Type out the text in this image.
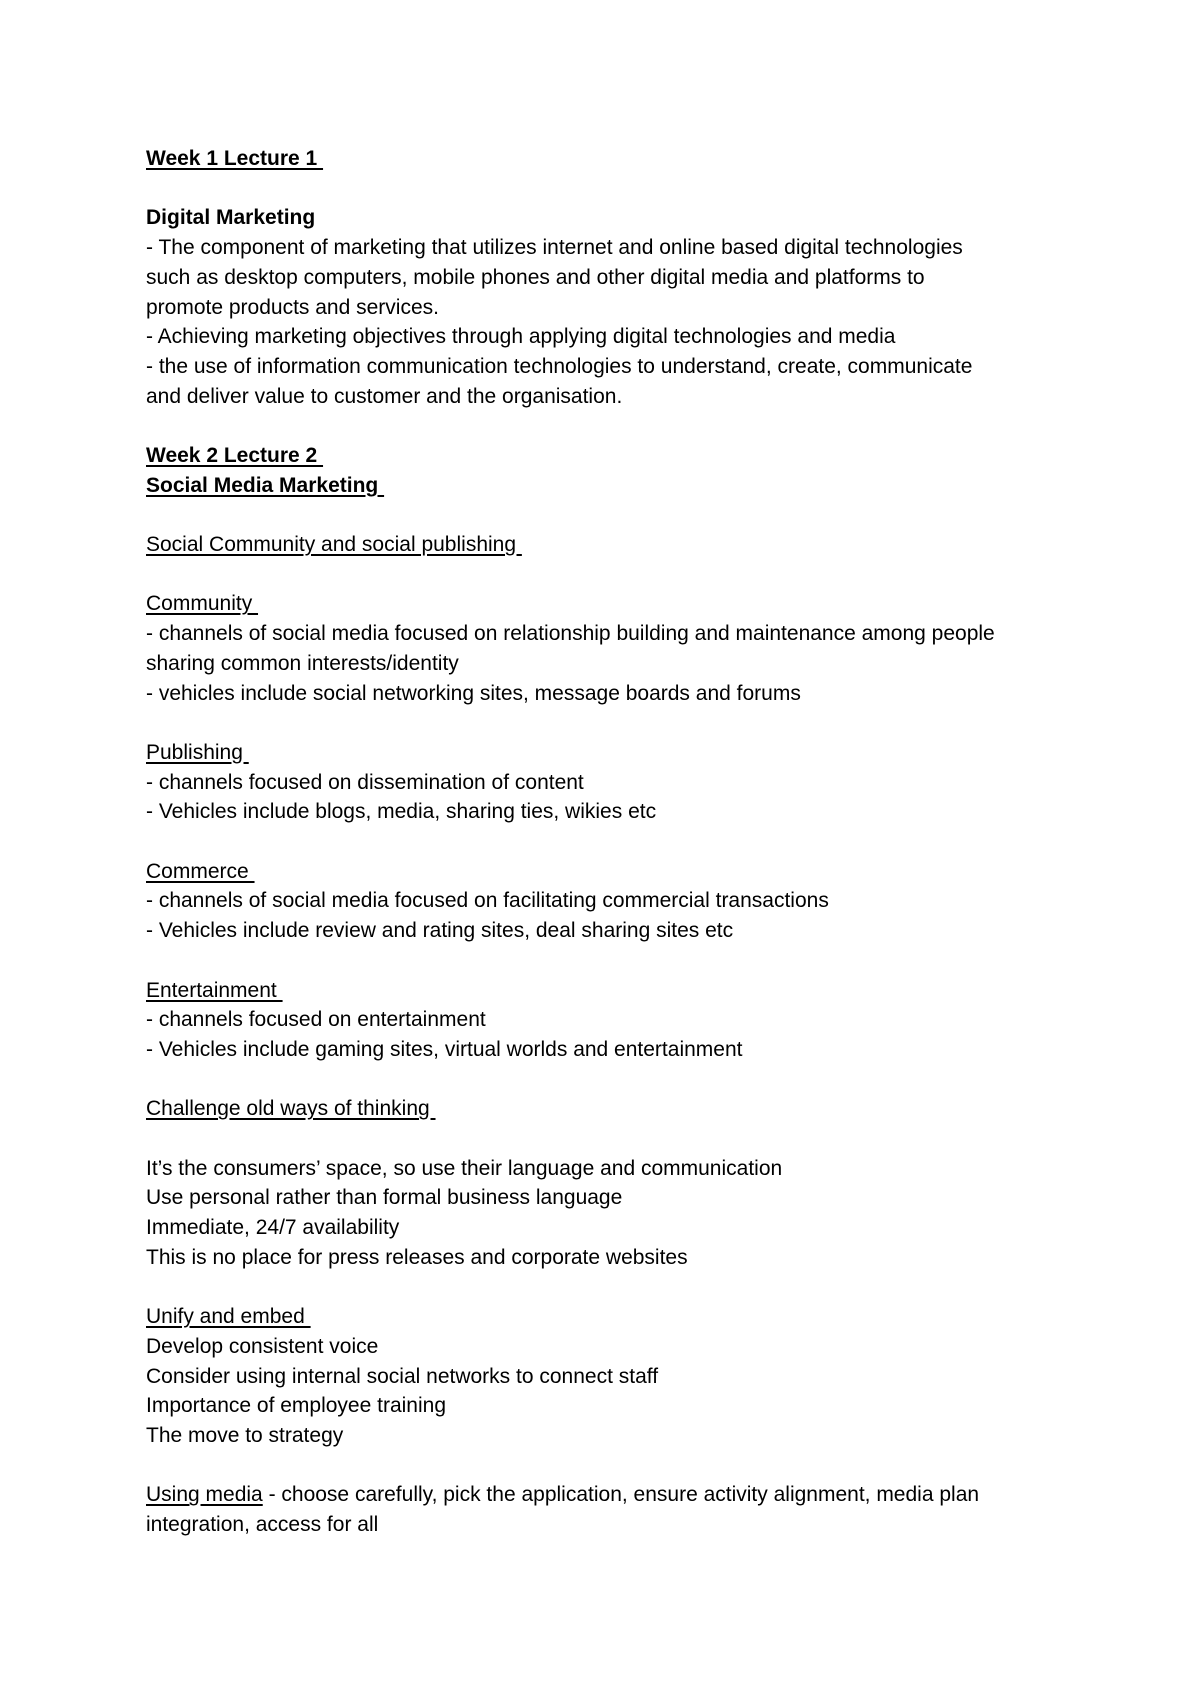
Week 1 Lecture 1
Digital Marketing
- The component of marketing that utilizes internet and online based digital technologies
such as desktop computers, mobile phones and other digital media and platforms to
promote products and services.
- Achieving marketing objectives through applying digital technologies and media
- the use of information communication technologies to understand, create, communicate
and deliver value to customer and the organisation.
Week 2 Lecture 2
Social Media Marketing
Social Community and social publishing
Community
- channels of social media focused on relationship building and maintenance among people
sharing common interests/identity
- vehicles include social networking sites, message boards and forums
Publishing
- channels focused on dissemination of content
- Vehicles include blogs, media, sharing ties, wikies etc
Commerce
- channels of social media focused on facilitating commercial transactions
- Vehicles include review and rating sites, deal sharing sites etc
Entertainment
- channels focused on entertainment
- Vehicles include gaming sites, virtual worlds and entertainment
Challenge old ways of thinking
It’s the consumers’ space, so use their language and communication
Use personal rather than formal business language
Immediate, 24/7 availability
This is no place for press releases and corporate websites
Unify and embed
Develop consistent voice
Consider using internal social networks to connect staff
Importance of employee training
The move to strategy
Using media - choose carefully, pick the application, ensure activity alignment, media plan
integration, access for all
